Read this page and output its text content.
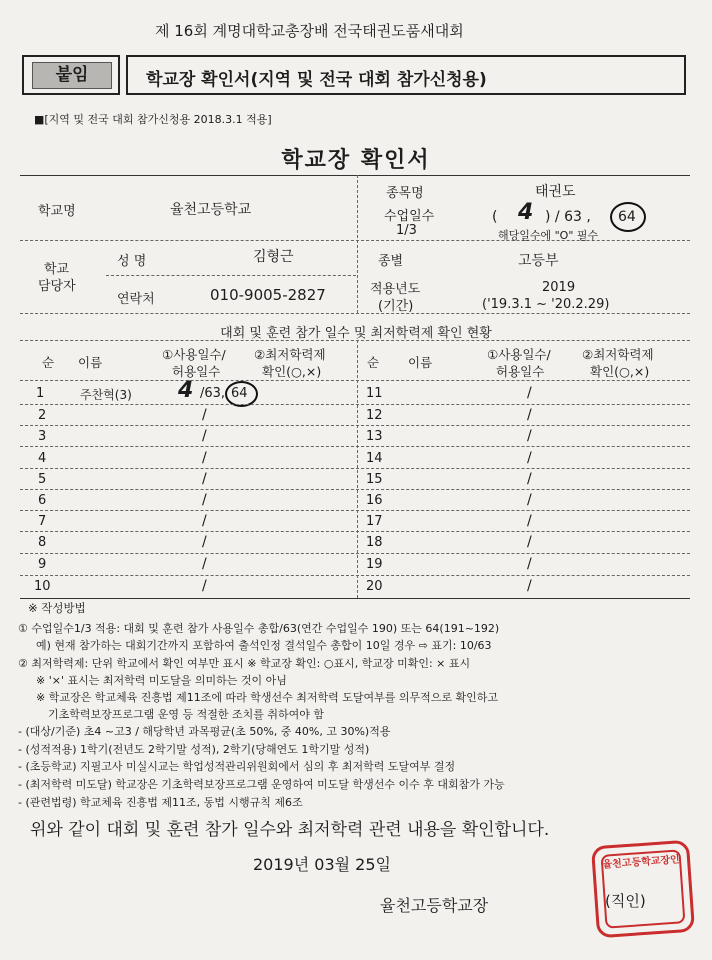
제 16회 계명대학교총장배 전국태권도품새대회
붙임	학교장 확인서(지역 및 전국 대회 참가신청용)
■[지역 및 전국 대회 참가신청용 2018.3.1 적용]
학교장 확인서
학교명	율천고등학교
종목명	태권도
수업일수
1/3
( 4 ) / 63 , 64
해당일수에 "O" 필수
학교
담당자
성 명	김형근
연락처	010-9005-2827
종별	고등부
적용년도
(기간)
2019
('19.3.1 ~ '20.2.29)
대회 및 훈련 참가 일수 및 최저학력제 확인 현황
순 이름
①사용일수/
허용일수
②최저학력제
확인(○,×)
순 이름
①사용일수/
허용일수
②최저학력제
확인(○,×)
1	주찬혁(3) 4 /63, 64
2	/
3	/
4	/
5	/
6	/
7	/
8	/
9	/
10	/
11	/
12	/
13	/
14	/
15	/
16	/
17	/
18	/
19	/
20	/
※ 작성방법
① 수업일수1/3 적용: 대회 및 훈련 참가 사용일수 총합/63(연간 수업일수 190) 또는 64(191~192)
예) 현재 참가하는 대회기간까지 포함하여 출석인정 결석일수 총합이 10일 경우 ⇨ 표기: 10/63
② 최저학력제: 단위 학교에서 확인 여부만 표시 ※ 학교장 확인: ○표시, 학교장 미확인: × 표시
※ '×' 표시는 최저학력 미도달을 의미하는 것이 아님
※ 학교장은 학교체육 진흥법 제11조에 따라 학생선수 최저학력 도달여부를 의무적으로 확인하고
기초학력보장프로그램 운영 등 적절한 조치를 취하여야 함
- (대상/기준) 초4 ~고3 / 해당학년 과목평균(초 50%, 중 40%, 고 30%)적용
- (성적적용) 1학기(전년도 2학기말 성적), 2학기(당해연도 1학기말 성적)
- (초등학교) 지필고사 미실시교는 학업성적관리위원회에서 심의 후 최저학력 도달여부 결정
- (최저학력 미도달) 학교장은 기초학력보장프로그램 운영하여 미도달 학생선수 이수 후 대회참가 가능
- (관련법령) 학교체육 진흥법 제11조, 동법 시행규칙 제6조
위와 같이 대회 및 훈련 참가 일수와 최저학력 관련 내용을 확인합니다.
2019년 03월 25일
율천고등학교장
율천고등학교장인
(직인)
